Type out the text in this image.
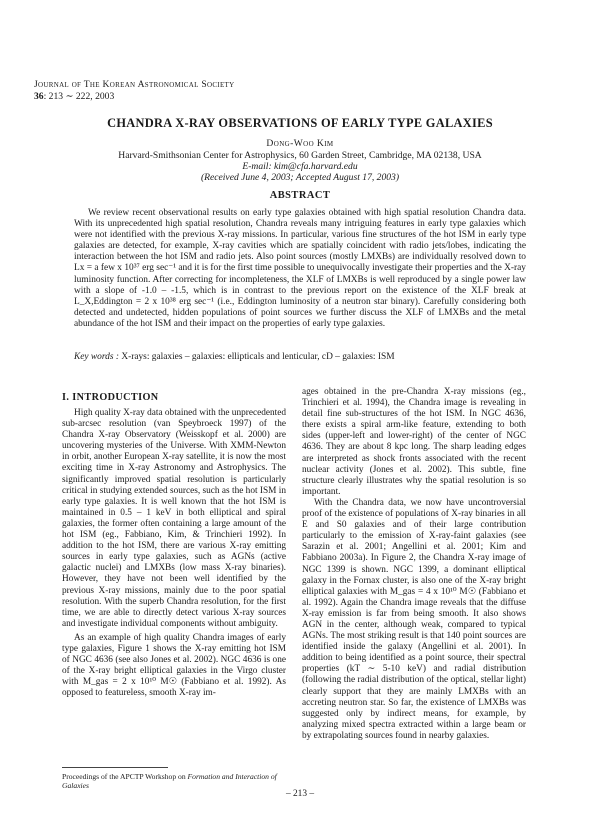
Journal of The Korean Astronomical Society
36: 213 ∼ 222, 2003
CHANDRA X-RAY OBSERVATIONS OF EARLY TYPE GALAXIES
Dong-Woo Kim
Harvard-Smithsonian Center for Astrophysics, 60 Garden Street, Cambridge, MA 02138, USA
E-mail: kim@cfa.harvard.edu
(Received June 4, 2003; Accepted August 17, 2003)
ABSTRACT

We review recent observational results on early type galaxies obtained with high spatial resolution Chandra data. With its unprecedented high spatial resolution, Chandra reveals many intriguing features in early type galaxies which were not identified with the previous X-ray missions. In particular, various fine structures of the hot ISM in early type galaxies are detected, for example, X-ray cavities which are spatially coincident with radio jets/lobes, indicating the interaction between the hot ISM and radio jets. Also point sources (mostly LMXBs) are individually resolved down to Lx = a few x 10³⁷ erg sec⁻¹ and it is for the first time possible to unequivocally investigate their properties and the X-ray luminosity function. After correcting for incompleteness, the XLF of LMXBs is well reproduced by a single power law with a slope of -1.0 – -1.5, which is in contrast to the previous report on the existence of the XLF break at L_X,Eddington = 2 x 10³⁸ erg sec⁻¹ (i.e., Eddington luminosity of a neutron star binary). Carefully considering both detected and undetected, hidden populations of point sources we further discuss the XLF of LMXBs and the metal abundance of the hot ISM and their impact on the properties of early type galaxies.

Key words : X-rays: galaxies – galaxies: ellipticals and lenticular, cD – galaxies: ISM
I. INTRODUCTION

High quality X-ray data obtained with the unprecedented sub-arcsec resolution (van Speybroeck 1997) of the Chandra X-ray Observatory (Weisskopf et al. 2000) are uncovering mysteries of the Universe. With XMM-Newton in orbit, another European X-ray satellite, it is now the most exciting time in X-ray Astronomy and Astrophysics. The significantly improved spatial resolution is particularly critical in studying extended sources, such as the hot ISM in early type galaxies. It is well known that the hot ISM is maintained in 0.5 – 1 keV in both elliptical and spiral galaxies, the former often containing a large amount of the hot ISM (eg., Fabbiano, Kim, & Trinchieri 1992). In addition to the hot ISM, there are various X-ray emitting sources in early type galaxies, such as AGNs (active galactic nuclei) and LMXBs (low mass X-ray binaries). However, they have not been well identified by the previous X-ray missions, mainly due to the poor spatial resolution. With the superb Chandra resolution, for the first time, we are able to directly detect various X-ray sources and investigate individual components without ambiguity.

As an example of high quality Chandra images of early type galaxies, Figure 1 shows the X-ray emitting hot ISM of NGC 4636 (see also Jones et al. 2002). NGC 4636 is one of the X-ray bright elliptical galaxies in the Virgo cluster with M_gas = 2 x 10¹⁰ M☉ (Fabbiano et al. 1992). As opposed to featureless, smooth X-ray im-

ages obtained in the pre-Chandra X-ray missions (eg., Trinchieri et al. 1994), the Chandra image is revealing in detail fine sub-structures of the hot ISM. In NGC 4636, there exists a spiral arm-like feature, extending to both sides (upper-left and lower-right) of the center of NGC 4636. They are about 8 kpc long. The sharp leading edges are interpreted as shock fronts associated with the recent nuclear activity (Jones et al. 2002). This subtle, fine structure clearly illustrates why the spatial resolution is so important.

With the Chandra data, we now have uncontroversial proof of the existence of populations of X-ray binaries in all E and S0 galaxies and of their large contribution particularly to the emission of X-ray-faint galaxies (see Sarazin et al. 2001; Angellini et al. 2001; Kim and Fabbiano 2003a). In Figure 2, the Chandra X-ray image of NGC 1399 is shown. NGC 1399, a dominant elliptical galaxy in the Fornax cluster, is also one of the X-ray bright elliptical galaxies with M_gas = 4 x 10¹⁰ M☉ (Fabbiano et al. 1992). Again the Chandra image reveals that the diffuse X-ray emission is far from being smooth. It also shows AGN in the center, although weak, compared to typical AGNs. The most striking result is that 140 point sources are identified inside the galaxy (Angellini et al. 2001). In addition to being identified as a point source, their spectral properties (kT ∼ 5-10 keV) and radial distribution (following the radial distribution of the optical, stellar light) clearly support that they are mainly LMXBs with an accreting neutron star. So far, the existence of LMXBs was suggested only by indirect means, for example, by analyzing mixed spectra extracted within a large beam or by extrapolating sources found in nearby galaxies.

Proceedings of the APCTP Workshop on Formation and Interaction of Galaxies
– 213 –
